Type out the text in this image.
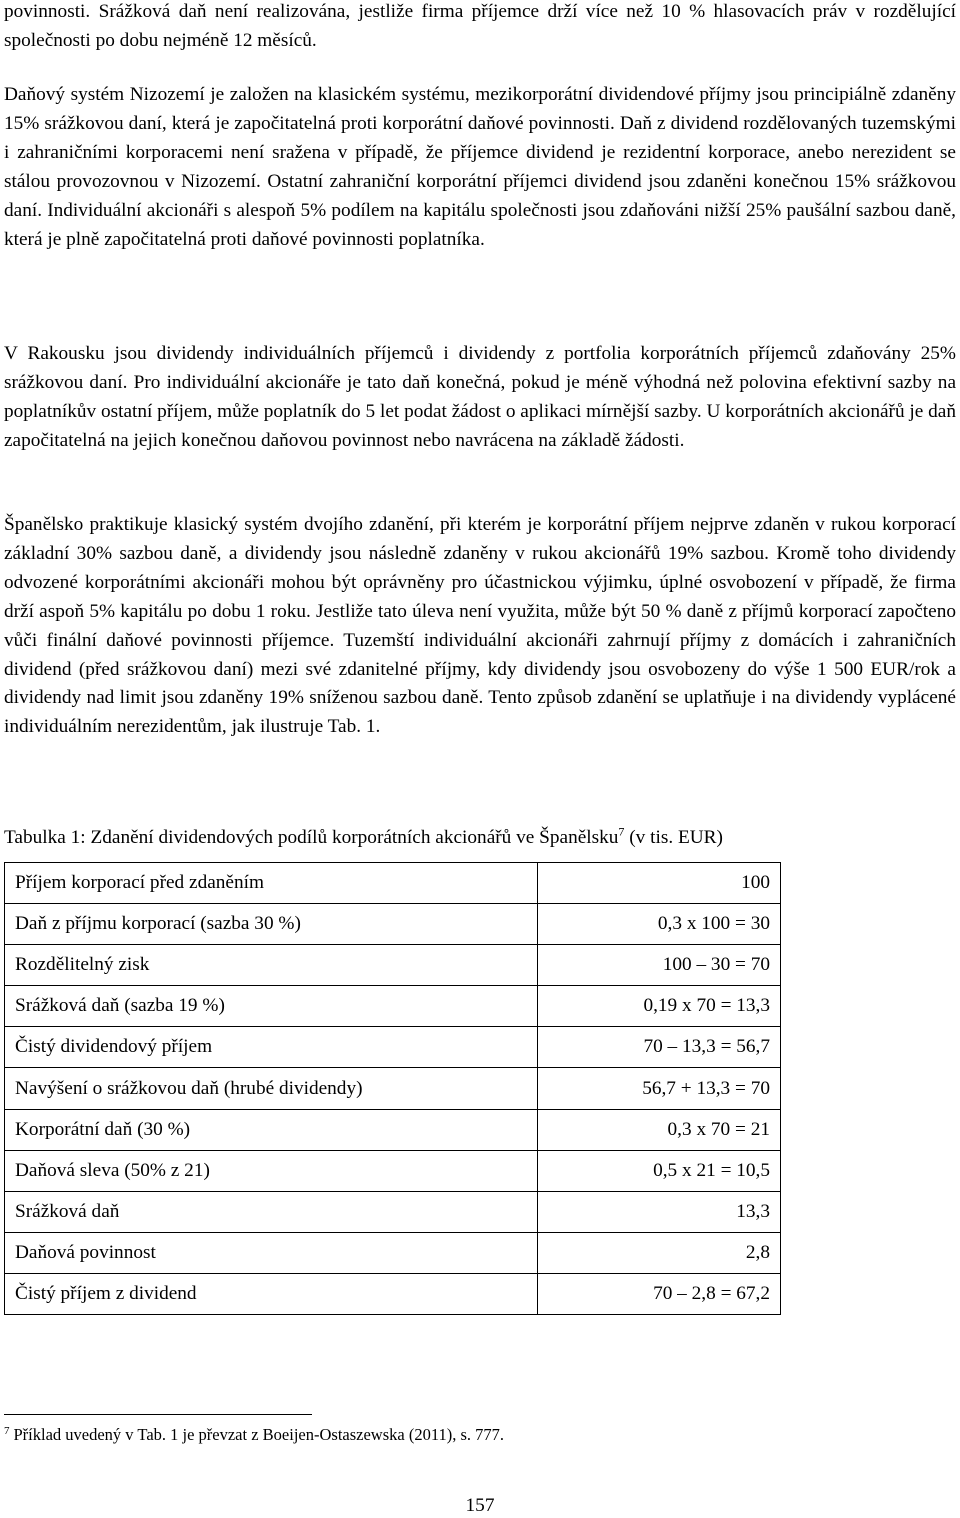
povinnosti. Srážková daň není realizována, jestliže firma příjemce drží více než 10 % hlasovacích práv v rozdělující společnosti po dobu nejméně 12 měsíců.

Daňový systém Nizozemí je založen na klasickém systému, mezikorporátní dividendové příjmy jsou principiálně zdaněny 15% srážkovou daní, která je započitatelná proti korporátní daňové povinnosti. Daň z dividend rozdělovaných tuzemskými i zahraničními korporacemi není sražena v případě, že příjemce dividend je rezidentní korporace, anebo nerezident se stálou provozovnou v Nizozemí. Ostatní zahraniční korporátní příjemci dividend jsou zdaněni konečnou 15% srážkovou daní. Individuální akcionáři s alespoň 5% podílem na kapitálu společnosti jsou zdaňováni nižší 25% paušální sazbou daně, která je plně započitatelná proti daňové povinnosti poplatníka.

V Rakousku jsou dividendy individuálních příjemců i dividendy z portfolia korporátních příjemců zdaňovány 25% srážkovou daní. Pro individuální akcionáře je tato daň konečná, pokud je méně výhodná než polovina efektivní sazby na poplatníkův ostatní příjem, může poplatník do 5 let podat žádost o aplikaci mírnější sazby. U korporátních akcionářů je daň započitatelná na jejich konečnou daňovou povinnost nebo navrácena na základě žádosti.

Španělsko praktikuje klasický systém dvojího zdanění, při kterém je korporátní příjem nejprve zdaněn v rukou korporací základní 30% sazbou daně, a dividendy jsou následně zdaněny v rukou akcionářů 19% sazbou. Kromě toho dividendy odvozené korporátními akcionáři mohou být oprávněny pro účastnickou výjimku, úplné osvobození v případě, že firma drží aspoň 5% kapitálu po dobu 1 roku. Jestliže tato úleva není využita, může být 50 % daně z příjmů korporací započteno vůči finální daňové povinnosti příjemce. Tuzemští individuální akcionáři zahrnují příjmy z domácích i zahraničních dividend (před srážkovou daní) mezi své zdanitelné příjmy, kdy dividendy jsou osvobozeny do výše 1 500 EUR/rok a dividendy nad limit jsou zdaněny 19% sníženou sazbou daně. Tento způsob zdanění se uplatňuje i na dividendy vyplácené individuálním nerezidentům, jak ilustruje Tab. 1.

Tabulka 1: Zdanění dividendových podílů korporátních akcionářů ve Španělsku$^7$ (v tis. EUR)

Příjem korporací před zdaněním	100
Daň z příjmu korporací (sazba 30 %)	0,3 x 100 = 30
Rozdělitelný zisk	100 – 30 = 70
Srážková daň (sazba 19 %)	0,19 x 70 = 13,3
Čistý dividendový příjem	70 – 13,3 = 56,7
Navýšení o srážkovou daň (hrubé dividendy)	56,7 + 13,3 = 70
Korporátní daň (30 %)	0,3 x 70 = 21
Daňová sleva (50% z 21)	0,5 x 21 = 10,5
Srážková daň	13,3
Daňová povinnost	2,8
Čistý příjem z dividend	70 – 2,8 = 67,2

$^7$ Příklad uvedený v Tab. 1 je převzat z Boeijen-Ostaszewska (2011), s. 777.

157
